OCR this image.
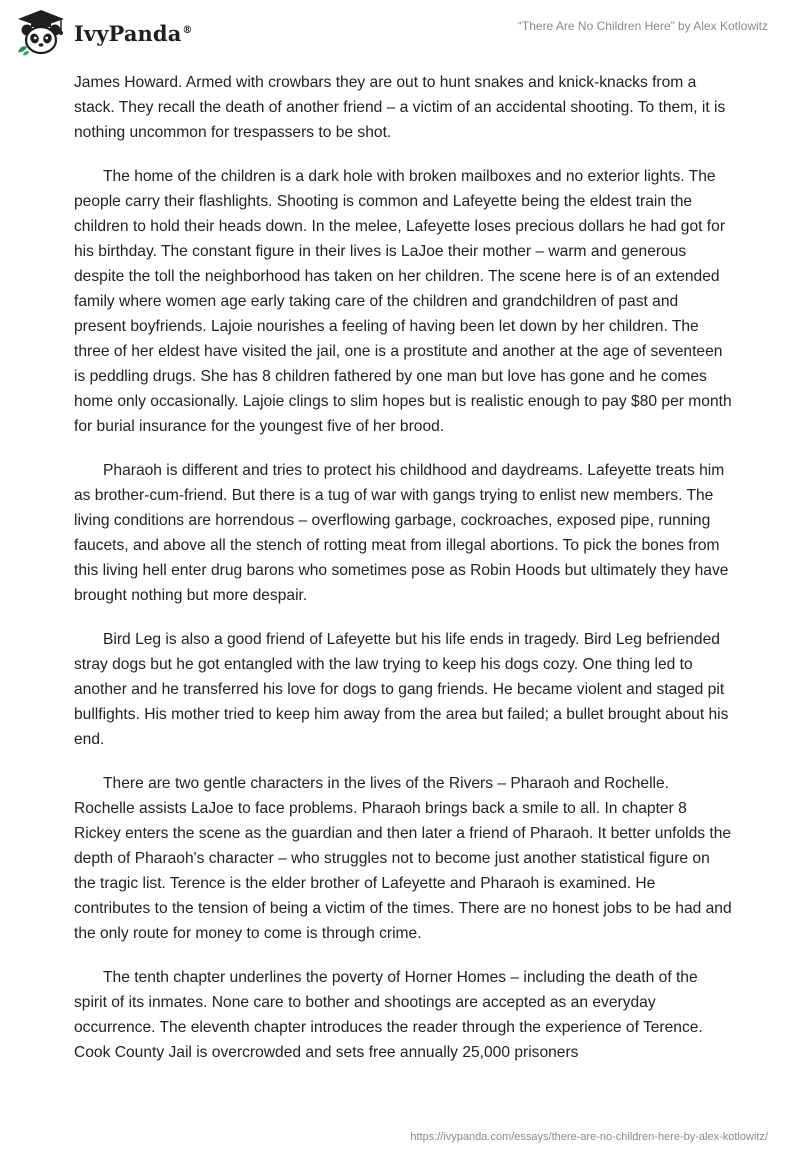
IvyPanda®	“There Are No Children Here” by Alex Kotlowitz

James Howard. Armed with crowbars they are out to hunt snakes and knick-knacks from a stack. They recall the death of another friend – a victim of an accidental shooting. To them, it is nothing uncommon for trespassers to be shot.

The home of the children is a dark hole with broken mailboxes and no exterior lights. The people carry their flashlights. Shooting is common and Lafeyette being the eldest train the children to hold their heads down. In the melee, Lafeyette loses precious dollars he had got for his birthday. The constant figure in their lives is LaJoe their mother – warm and generous despite the toll the neighborhood has taken on her children. The scene here is of an extended family where women age early taking care of the children and grandchildren of past and present boyfriends. Lajoie nourishes a feeling of having been let down by her children. The three of her eldest have visited the jail, one is a prostitute and another at the age of seventeen is peddling drugs. She has 8 children fathered by one man but love has gone and he comes home only occasionally. Lajoie clings to slim hopes but is realistic enough to pay $80 per month for burial insurance for the youngest five of her brood.

Pharaoh is different and tries to protect his childhood and daydreams. Lafeyette treats him as brother-cum-friend. But there is a tug of war with gangs trying to enlist new members. The living conditions are horrendous – overflowing garbage, cockroaches, exposed pipe, running faucets, and above all the stench of rotting meat from illegal abortions. To pick the bones from this living hell enter drug barons who sometimes pose as Robin Hoods but ultimately they have brought nothing but more despair.

Bird Leg is also a good friend of Lafeyette but his life ends in tragedy. Bird Leg befriended stray dogs but he got entangled with the law trying to keep his dogs cozy. One thing led to another and he transferred his love for dogs to gang friends. He became violent and staged pit bullfights. His mother tried to keep him away from the area but failed; a bullet brought about his end.

There are two gentle characters in the lives of the Rivers – Pharaoh and Rochelle. Rochelle assists LaJoe to face problems. Pharaoh brings back a smile to all. In chapter 8 Rickey enters the scene as the guardian and then later a friend of Pharaoh. It better unfolds the depth of Pharaoh's character – who struggles not to become just another statistical figure on the tragic list. Terence is the elder brother of Lafeyette and Pharaoh is examined. He contributes to the tension of being a victim of the times. There are no honest jobs to be had and the only route for money to come is through crime.

The tenth chapter underlines the poverty of Horner Homes – including the death of the spirit of its inmates. None care to bother and shootings are accepted as an everyday occurrence. The eleventh chapter introduces the reader through the experience of Terence. Cook County Jail is overcrowded and sets free annually 25,000 prisoners

https://ivypanda.com/essays/there-are-no-children-here-by-alex-kotlowitz/
